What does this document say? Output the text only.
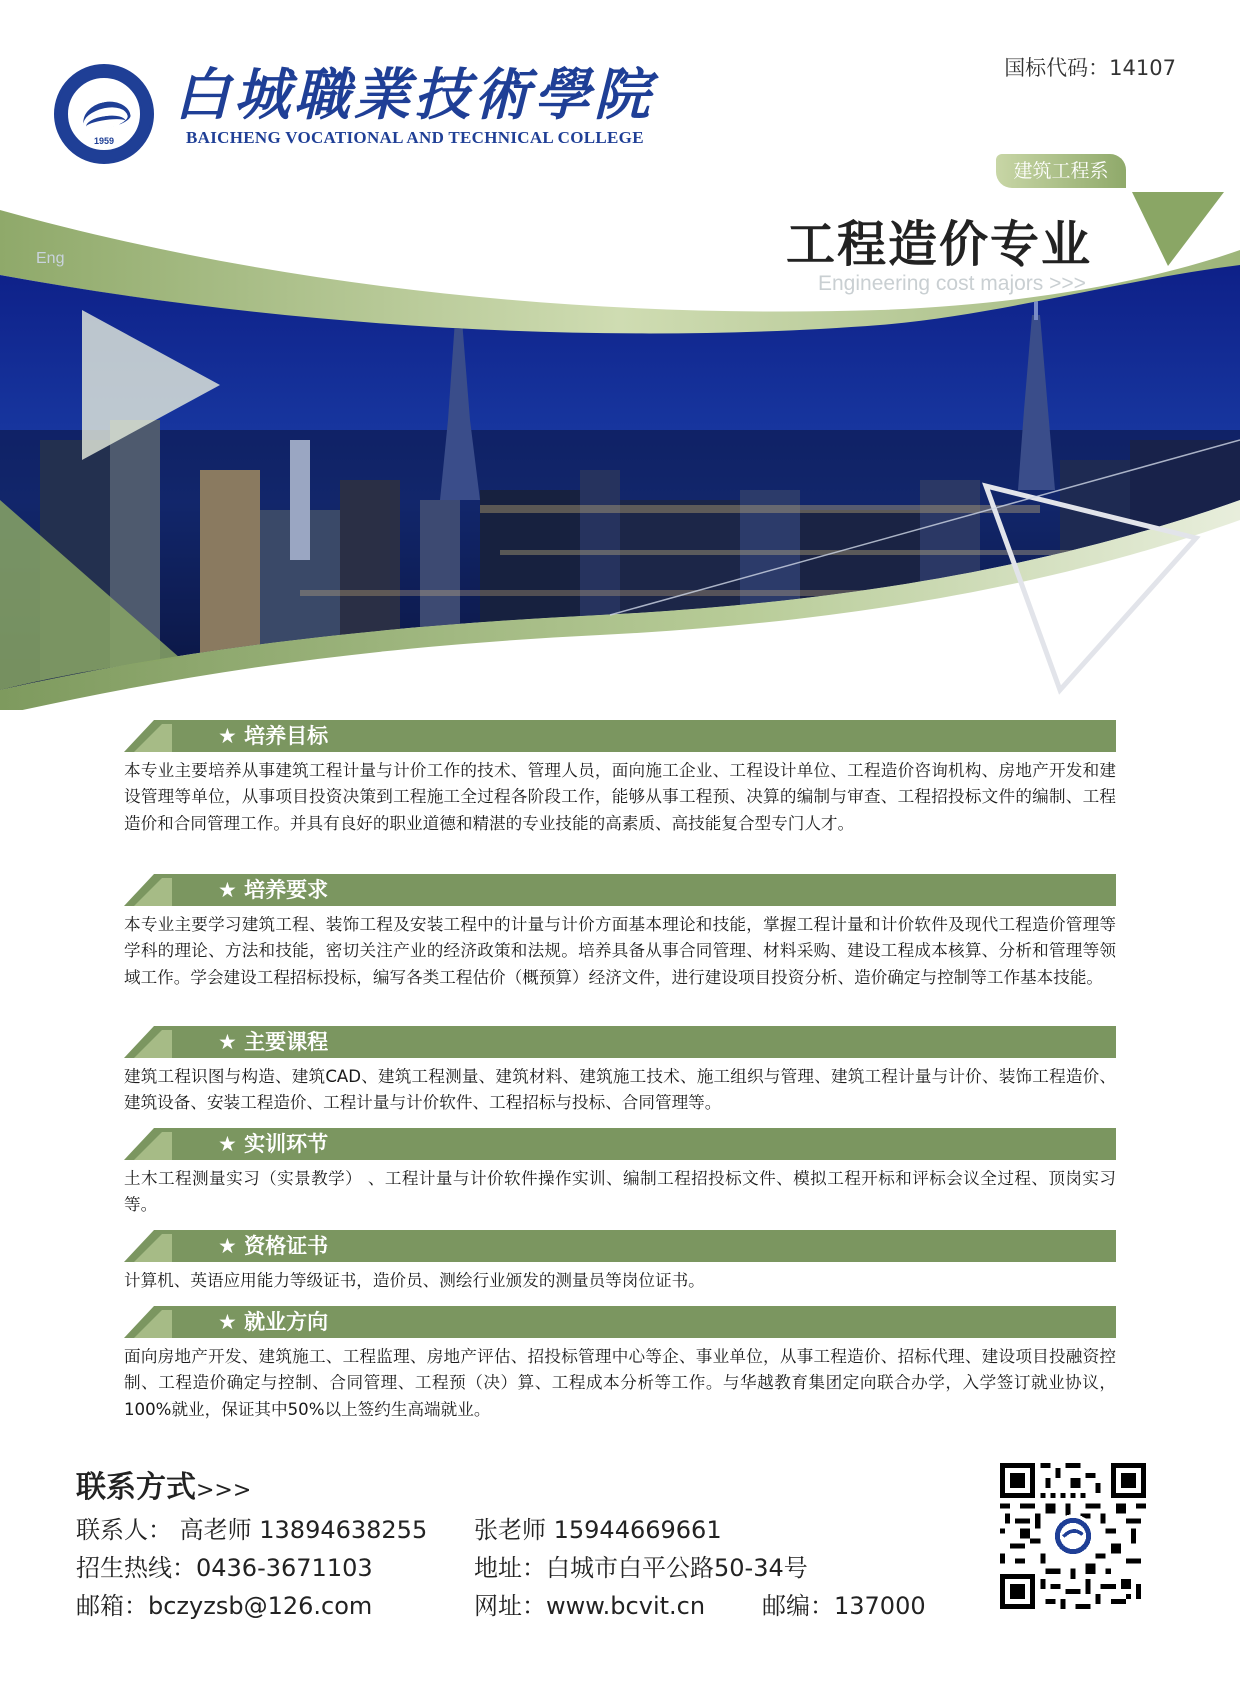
1959
白城職業技術學院
BAICHENG VOCATIONAL AND TECHNICAL COLLEGE
国标代码：14107
Eng
建筑工程系
工程造价专业
Engineering cost majors >>>
★ 培养目标
本专业主要培养从事建筑工程计量与计价工作的技术、管理人员，面向施工企业、工程设计单位、工程造价咨询机构、房地产开发和建设管理等单位，从事项目投资决策到工程施工全过程各阶段工作，能够从事工程预、决算的编制与审查、工程招投标文件的编制、工程造价和合同管理工作。并具有良好的职业道德和精湛的专业技能的高素质、高技能复合型专门人才。
★ 培养要求
本专业主要学习建筑工程、装饰工程及安装工程中的计量与计价方面基本理论和技能，掌握工程计量和计价软件及现代工程造价管理等学科的理论、方法和技能，密切关注产业的经济政策和法规。培养具备从事合同管理、材料采购、建设工程成本核算、分析和管理等领域工作。学会建设工程招标投标，编写各类工程估价（概预算）经济文件，进行建设项目投资分析、造价确定与控制等工作基本技能。
★ 主要课程
建筑工程识图与构造、建筑CAD、建筑工程测量、建筑材料、建筑施工技术、施工组织与管理、建筑工程计量与计价、装饰工程造价、建筑设备、安装工程造价、工程计量与计价软件、工程招标与投标、合同管理等。
★ 实训环节
土木工程测量实习（实景教学） 、工程计量与计价软件操作实训、编制工程招投标文件、模拟工程开标和评标会议全过程、顶岗实习等。
★ 资格证书
计算机、英语应用能力等级证书，造价员、测绘行业颁发的测量员等岗位证书。
★ 就业方向
面向房地产开发、建筑施工、工程监理、房地产评估、招投标管理中心等企、事业单位，从事工程造价、招标代理、建设项目投融资控制、工程造价确定与控制、合同管理、工程预（决）算、工程成本分析等工作。与华越教育集团定向联合办学，入学签订就业协议，100%就业，保证其中50%以上签约生高端就业。
联系方式>>>
联系人： 高老师 13894638255 张老师 15944669661
招生热线：0436-3671103	地址：白城市白平公路50-34号
邮箱：bczyzsb@126.com	网址：www.bcvit.cn 邮编：137000
